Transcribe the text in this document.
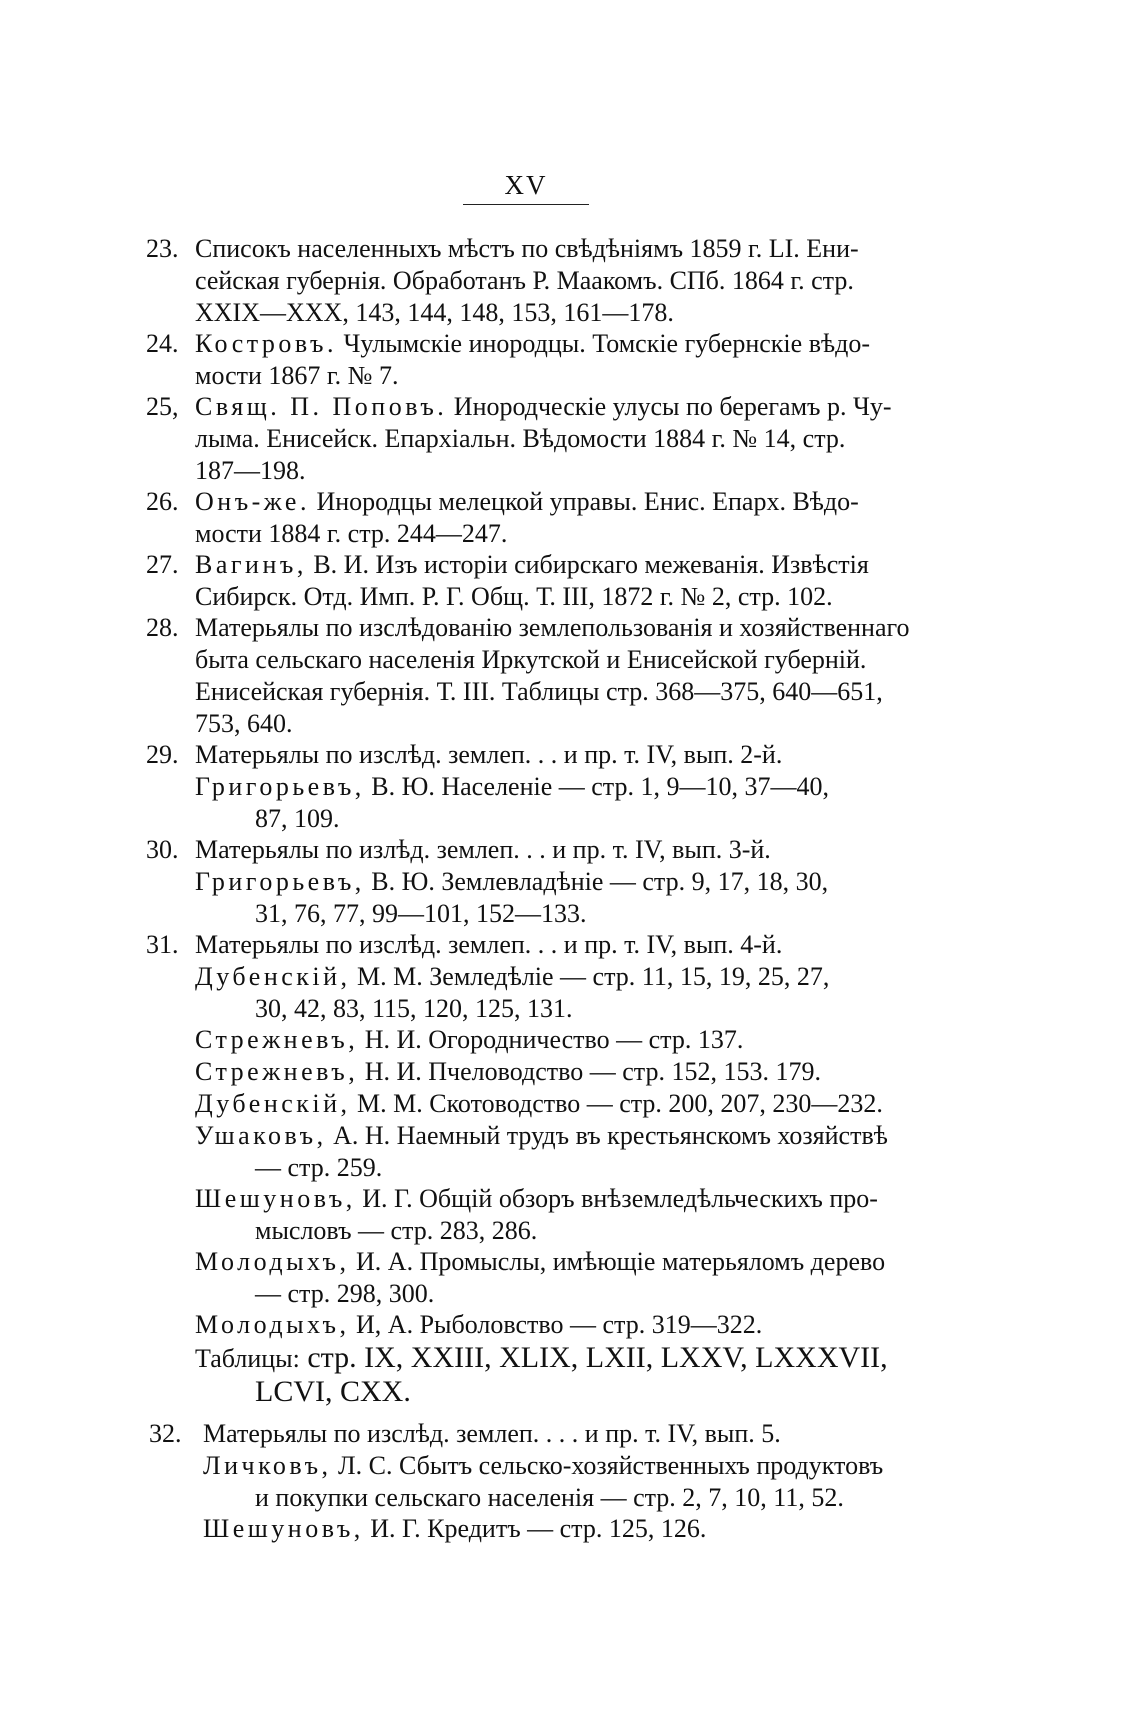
XV
23. Списокъ населенныхъ мѣстъ по свѣдѣніямъ 1859 г. LI. Ени-
сейская губернія. Обработанъ Р. Маакомъ. СПб. 1864 г. стр.
XXIX—XXX, 143, 144, 148, 153, 161—178.
24. Костровъ. Чулымскіе инородцы. Томскіе губернскіе вѣдо-
мости 1867 г. № 7.
25, Свящ. П. Поповъ. Инородческіе улусы по берегамъ р. Чу-
лыма. Енисейск. Епархіальн. Вѣдомости 1884 г. № 14, стр.
187—198.
26. Онъ-же. Инородцы мелецкой управы. Енис. Епарх. Вѣдо-
мости 1884 г. стр. 244—247.
27. Вагинъ, В. И. Изъ исторіи сибирскаго межеванія. Извѣстія
Сибирск. Отд. Имп. Р. Г. Общ. Т. III, 1872 г. № 2, стр. 102.
28. Матерьялы по изслѣдованію землепользованія и хозяйственнаго
быта сельскаго населенія Иркутской и Енисейской губерній.
Енисейская губернія. Т. III. Таблицы стр. 368—375, 640—651,
753, 640.
29. Матерьялы по изслѣд. землеп. . . и пр. т. IV, вып. 2-й.
Григорьевъ, В. Ю. Населеніе — стр. 1, 9—10, 37—40,
87, 109.
30. Матерьялы по излѣд. землеп. . . и пр. т. IV, вып. 3-й.
Григорьевъ, В. Ю. Землевладѣніе — стр. 9, 17, 18, 30,
31, 76, 77, 99—101, 152—133.
31. Матерьялы по изслѣд. землеп. . . и пр. т. IV, вып. 4-й.
Дубенскій, М. М. Земледѣліе — стр. 11, 15, 19, 25, 27,
30, 42, 83, 115, 120, 125, 131.
Стрежневъ, Н. И. Огородничество — стр. 137.
Стрежневъ, Н. И. Пчеловодство — стр. 152, 153. 179.
Дубенскій, М. М. Скотоводство — стр. 200, 207, 230—232.
Ушаковъ, А. Н. Наемный трудъ въ крестьянскомъ хозяйствѣ
— стр. 259.
Шешуновъ, И. Г. Общій обзоръ внѣземледѣльческихъ про-
мысловъ — стр. 283, 286.
Молодыхъ, И. А. Промыслы, имѣющіе матерьяломъ дерево
— стр. 298, 300.
Молодыхъ, И, А. Рыболовство — стр. 319—322.
Таблицы: стр. IX, XXIII, XLIX, LXII, LXXV, LXXXVII,
LCVI, CXX.
32. Матерьялы по изслѣд. землеп. . . . и пр. т. IV, вып. 5.
Личковъ, Л. С. Сбытъ сельско-хозяйственныхъ продуктовъ
и покупки сельскаго населенія — стр. 2, 7, 10, 11, 52.
Шешуновъ, И. Г. Кредитъ — стр. 125, 126.
